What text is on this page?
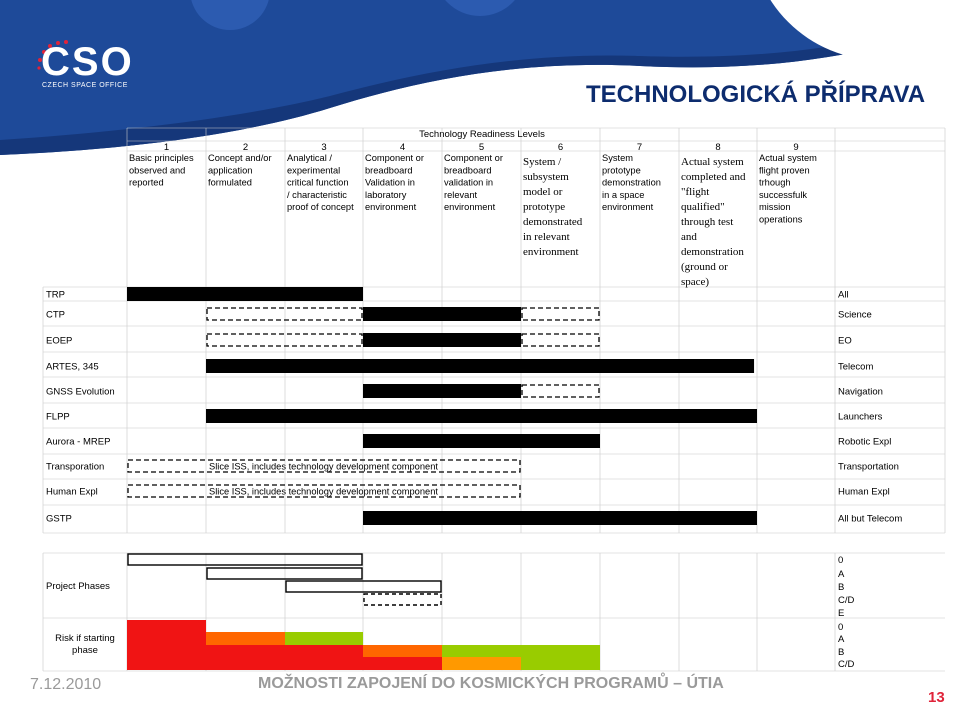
CSO
CZECH SPACE OFFICE	TECHNOLOGICKÁ PŘÍPRAVA
Technology Readiness Levels
1
Basic principles
observed and
reported
2
Concept and/or
application
formulated
3
Analytical /
experimental
critical function
/ characteristic
proof of concept
4
Component or
breadboard
Validation in
laboratory
environment
5
Component or
breadboard
validation in
relevant
environment
6
System /
subsystem
model or
prototype
demonstrated
in relevant
environment
7
System
prototype
demonstration
in a space
environment
8
Actual system
completed and
"flight
qualified"
through test
and
demonstration
(ground or
space)
9
Actual system
flight proven
trhough
successfulk
mission
operations
TRP	All
CTP	Science
EOEP	EO
ARTES, 345	Telecom
GNSS Evolution	Navigation
FLPP	Launchers
Aurora - MREP	Robotic Expl
Transporation	Slice ISS, includes technology development component	Transportation
Human Expl	Slice ISS, includes technology development component	Human Expl
GSTP	All but Telecom
Project Phases
0
A
B
C/D
E
Risk if starting
phase
0
A
B
C/D
7.12.2010	MOŽNOSTI ZAPOJENÍ DO KOSMICKÝCH PROGRAMŮ – ÚTIA
13
